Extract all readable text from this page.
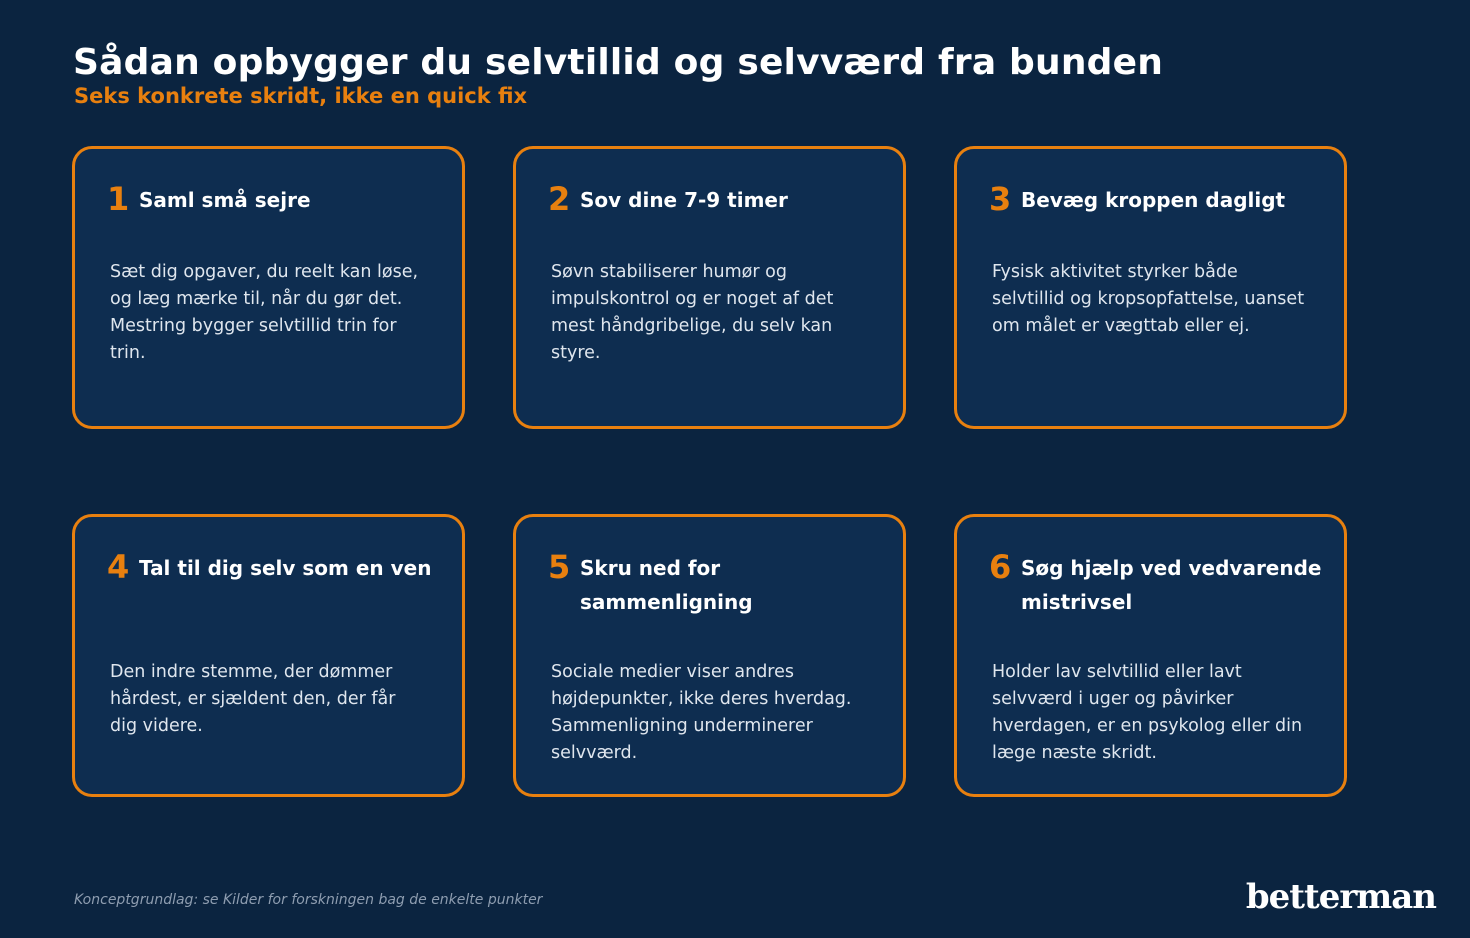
Sådan opbygger du selvtillid og selvværd fra bunden
Seks konkrete skridt, ikke en quick fix
1 Saml små sejre
Sæt dig opgaver, du reelt kan løse, og læg mærke til, når du gør det. Mestring bygger selvtillid trin for trin.
2 Sov dine 7-9 timer
Søvn stabiliserer humør og impulskontrol og er noget af det mest håndgribelige, du selv kan styre.
3 Bevæg kroppen dagligt
Fysisk aktivitet styrker både selvtillid og kropsopfattelse, uanset om målet er vægttab eller ej.
4 Tal til dig selv som en ven
Den indre stemme, der dømmer hårdest, er sjældent den, der får dig videre.
5 Skru ned for sammenligning
Sociale medier viser andres højdepunkter, ikke deres hverdag. Sammenligning underminerer selvværd.
6 Søg hjælp ved vedvarende mistrivsel
Holder lav selvtillid eller lavt selvværd i uger og påvirker hverdagen, er en psykolog eller din læge næste skridt.
Konceptgrundlag: se Kilder for forskningen bag de enkelte punkter	betterman
